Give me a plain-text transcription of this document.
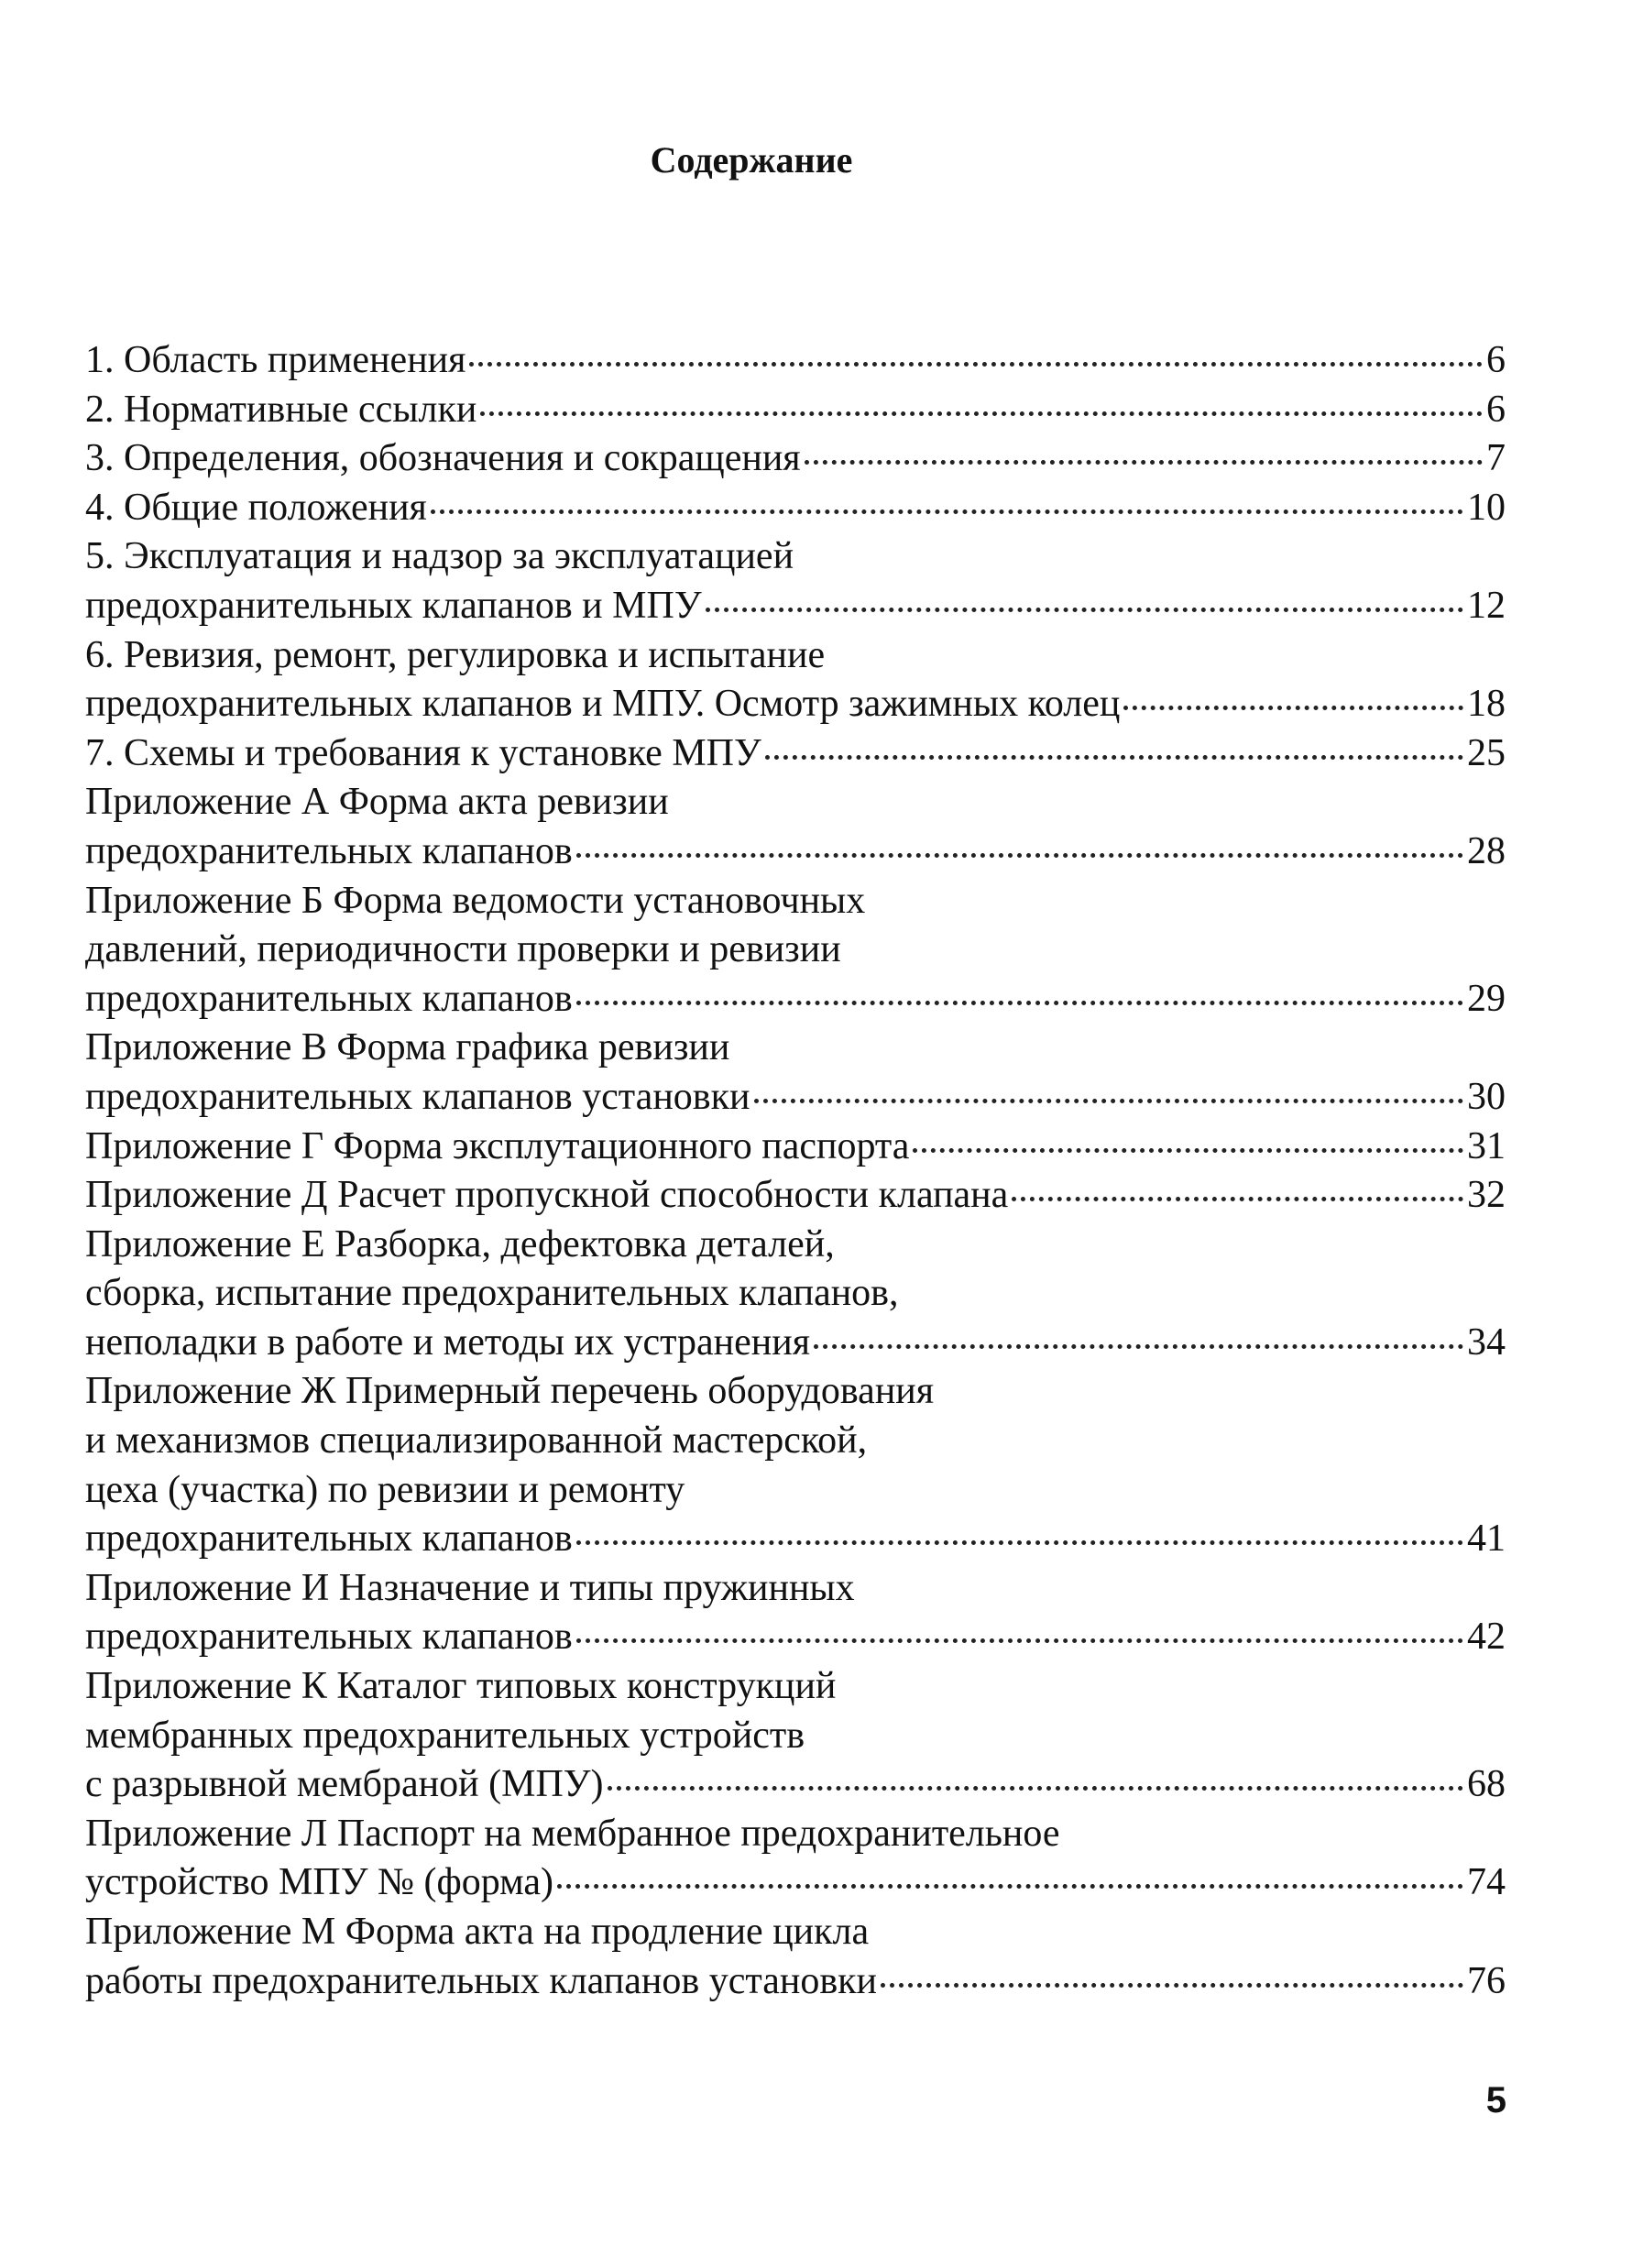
Содержание
1. Область применения	6
2. Нормативные ссылки	6
3. Определения, обозначения и сокращения	7
4. Общие положения	10
5. Эксплуатация и надзор за эксплуатацией
предохранительных клапанов и МПУ	12
6. Ревизия, ремонт, регулировка и испытание
предохранительных клапанов и МПУ. Осмотр зажимных колец	18
7. Схемы и требования к установке МПУ	25
Приложение А Форма акта ревизии
предохранительных клапанов	28
Приложение Б Форма ведомости установочных
давлений, периодичности проверки и ревизии
предохранительных клапанов	29
Приложение В Форма графика ревизии
предохранительных клапанов установки	30
Приложение Г Форма эксплутационного паспорта	31
Приложение Д Расчет пропускной способности клапана	32
Приложение Е Разборка, дефектовка деталей,
сборка, испытание предохранительных клапанов,
неполадки в работе и методы их устранения	34
Приложение Ж Примерный перечень оборудования
и механизмов специализированной мастерской,
цеха (участка) по ревизии и ремонту
предохранительных клапанов	41
Приложение И Назначение и типы пружинных
предохранительных клапанов	42
Приложение К Каталог типовых конструкций
мембранных предохранительных устройств
с разрывной мембраной (МПУ)	68
Приложение Л Паспорт на мембранное предохранительное
устройство МПУ № (форма)	74
Приложение М Форма акта на продление цикла
работы предохранительных клапанов установки	76
5
